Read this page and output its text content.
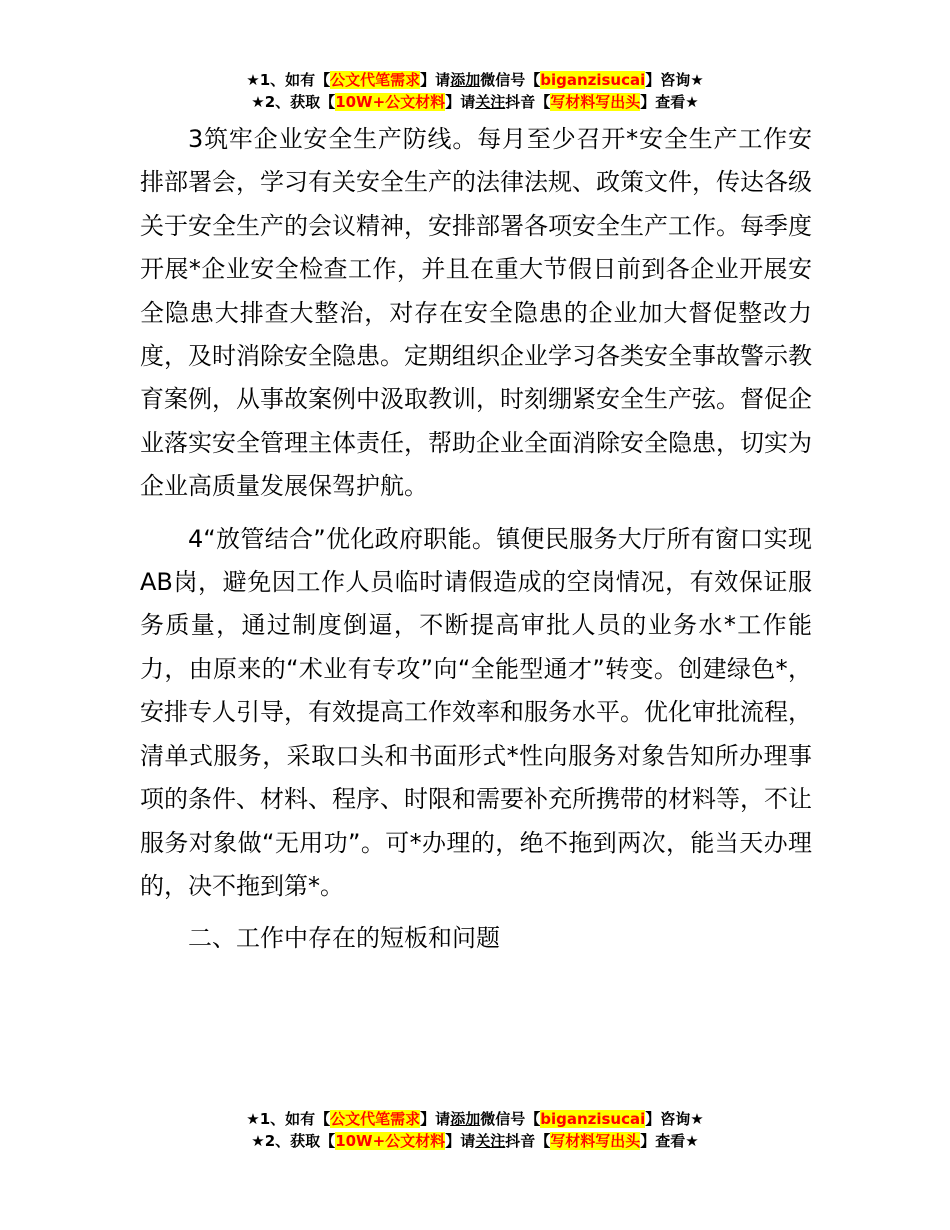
★1、如有【公文代笔需求】请添加微信号【biganzisucai】咨询★
★2、获取【10W+公文材料】请关注抖音【写材料写出头】查看★

3筑牢企业安全生产防线。每月至少召开*安全生产工作安排部署会，学习有关安全生产的法律法规、政策文件，传达各级关于安全生产的会议精神，安排部署各项安全生产工作。每季度开展*企业安全检查工作，并且在重大节假日前到各企业开展安全隐患大排查大整治，对存在安全隐患的企业加大督促整改力度，及时消除安全隐患。定期组织企业学习各类安全事故警示教育案例，从事故案例中汲取教训，时刻绷紧安全生产弦。督促企业落实安全管理主体责任，帮助企业全面消除安全隐患，切实为企业高质量发展保驾护航。

4“放管结合”优化政府职能。镇便民服务大厅所有窗口实现AB岗，避免因工作人员临时请假造成的空岗情况，有效保证服务质量，通过制度倒逼，不断提高审批人员的业务水*工作能力，由原来的“术业有专攻”向“全能型通才”转变。创建绿色*，安排专人引导，有效提高工作效率和服务水平。优化审批流程，清单式服务，采取口头和书面形式*性向服务对象告知所办理事项的条件、材料、程序、时限和需要补充所携带的材料等，不让服务对象做“无用功”。可*办理的，绝不拖到两次，能当天办理的，决不拖到第*。

二、工作中存在的短板和问题

★1、如有【公文代笔需求】请添加微信号【biganzisucai】咨询★
★2、获取【10W+公文材料】请关注抖音【写材料写出头】查看★
